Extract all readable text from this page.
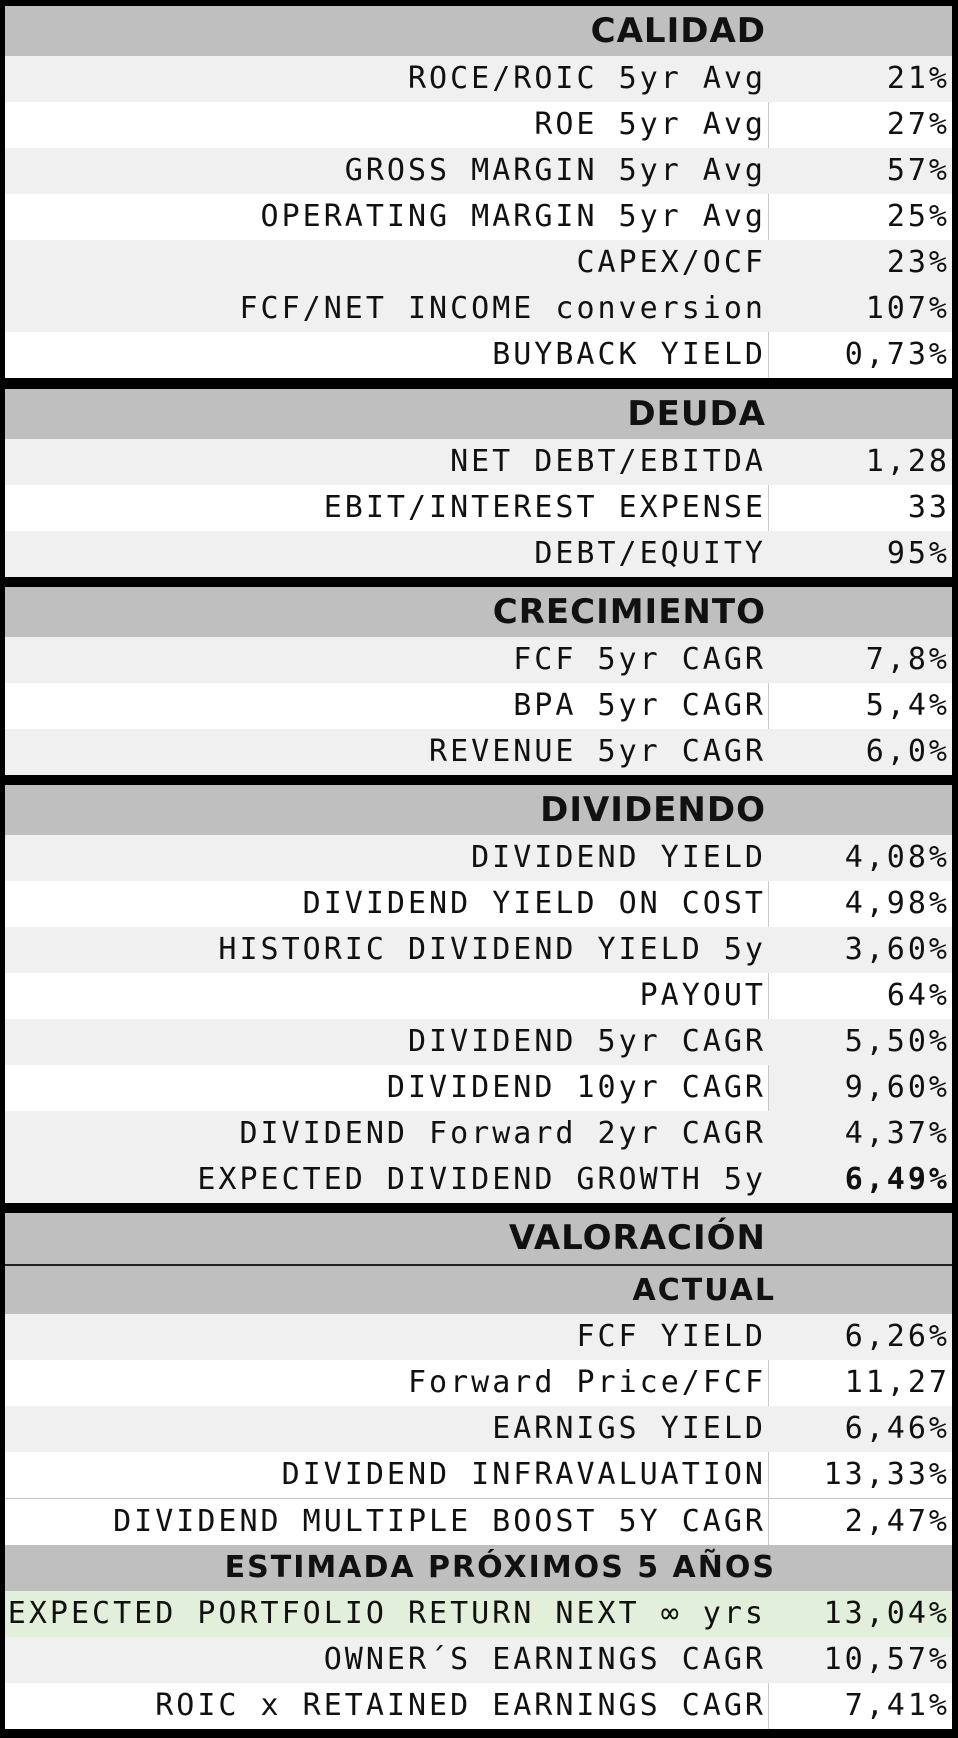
CALIDAD
ROCE/ROIC 5yr Avg	21%
ROE 5yr Avg	27%
GROSS MARGIN 5yr Avg	57%
OPERATING MARGIN 5yr Avg	25%
CAPEX/OCF	23%
FCF/NET INCOME conversion	107%
BUYBACK YIELD	0,73%
DEUDA
NET DEBT/EBITDA	1,28
EBIT/INTEREST EXPENSE	33
DEBT/EQUITY	95%
CRECIMIENTO
FCF 5yr CAGR	7,8%
BPA 5yr CAGR	5,4%
REVENUE 5yr CAGR	6,0%
DIVIDENDO
DIVIDEND YIELD	4,08%
DIVIDEND YIELD ON COST	4,98%
HISTORIC DIVIDEND YIELD 5y	3,60%
PAYOUT	64%
DIVIDEND 5yr CAGR	5,50%
DIVIDEND 10yr CAGR	9,60%
DIVIDEND Forward 2yr CAGR	4,37%
EXPECTED DIVIDEND GROWTH 5y	6,49%
VALORACIÓN
ACTUAL
FCF YIELD	6,26%
Forward Price/FCF	11,27
EARNIGS YIELD	6,46%
DIVIDEND INFRAVALUATION	13,33%
DIVIDEND MULTIPLE BOOST 5Y CAGR	2,47%
ESTIMADA PRÓXIMOS 5 AÑOS
EXPECTED PORTFOLIO RETURN NEXT ∞ yrs	13,04%
OWNER´S EARNINGS CAGR	10,57%
ROIC x RETAINED EARNINGS CAGR	7,41%
